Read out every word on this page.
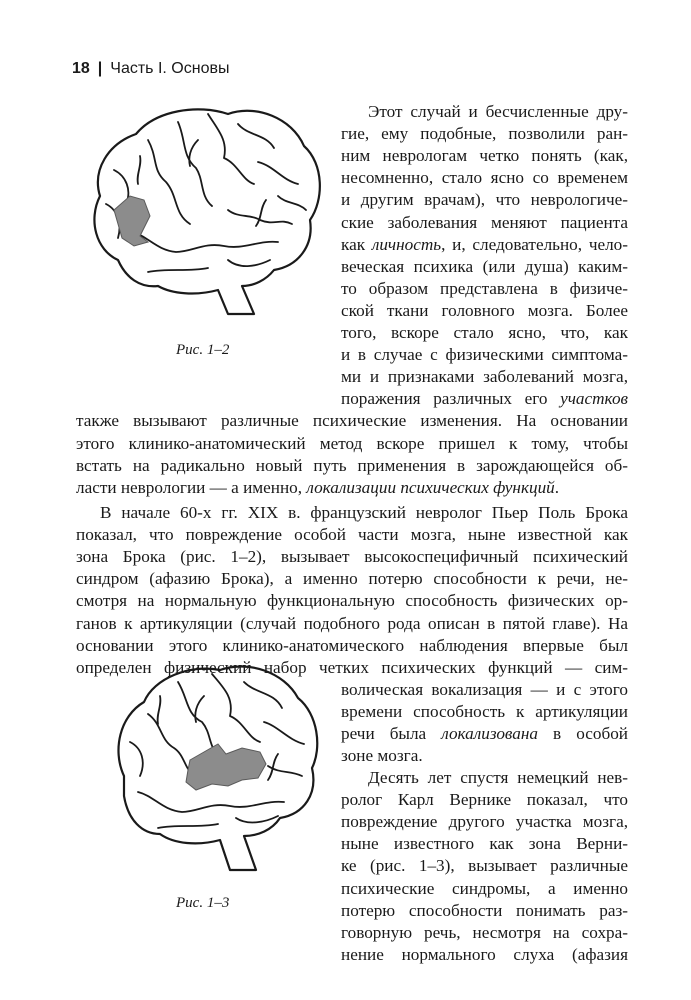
18 | Часть I. Основы
Рис. 1–2
Рис. 1–3
Этот случай и бесчисленные дру-
гие, ему подобные, позволили ран-
ним неврологам четко понять (как,
несомненно, стало ясно со временем
и другим врачам), что неврологиче-
ские заболевания меняют пациента
как личность, и, следовательно, чело-
веческая психика (или душа) каким-
то образом представлена в физиче-
ской ткани головного мозга. Более
того, вскоре стало ясно, что, как
и в случае с физическими симптома-
ми и признаками заболеваний мозга,
поражения различных его участков
также вызывают различные психические изменения. На основании
этого клинико-анатомический метод вскоре пришел к тому, чтобы
встать на радикально новый путь применения в зарождающейся об-
ласти неврологии — а именно, локализации психических функций.
В начале 60-х гг. XIX в. французский невролог Пьер Поль Брока
показал, что повреждение особой части мозга, ныне известной как
зона Брока (рис. 1–2), вызывает высокоспецифичный психический
синдром (афазию Брока), а именно потерю способности к речи, не-
смотря на нормальную функциональную способность физических ор-
ганов к артикуляции (случай подобного рода описан в пятой главе). На
основании этого клинико-анатомического наблюдения впервые был
определен физический набор четких психических функций — сим-
волическая вокализация — и с этого
времени способность к артикуляции
речи была локализована в особой
зоне мозга.
Десять лет спустя немецкий нев-
ролог Карл Вернике показал, что
повреждение другого участка мозга,
ныне известного как зона Верни-
ке (рис. 1–3), вызывает различные
психические синдромы, а именно
потерю способности понимать раз-
говорную речь, несмотря на сохра-
нение нормального слуха (афазия
